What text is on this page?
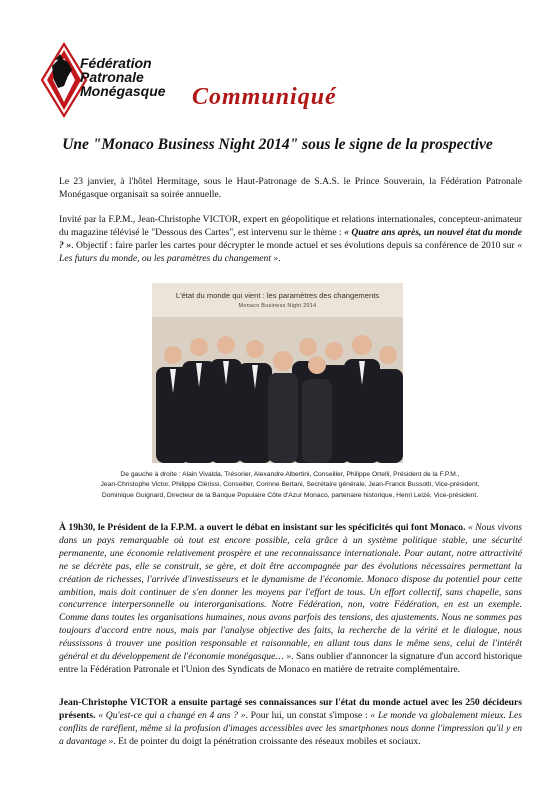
Fédération
Patronale
Monégasque Communiqué
Une "Monaco Business Night 2014" sous le signe de la prospective

Le 23 janvier, à l'hôtel Hermitage, sous le Haut-Patronage de S.A.S. le Prince Souverain, la Fédération Patronale Monégasque organisait sa soirée annuelle.

Invité par la F.P.M., Jean-Christophe VICTOR, expert en géopolitique et relations internationales, concepteur-animateur du magazine télévisé le "Dessous des Cartes", est intervenu sur le thème : « Quatre ans après, un nouvel état du monde ? ». Objectif : faire parler les cartes pour décrypter le monde actuel et ses évolutions depuis sa conférence de 2010 sur « Les futurs du monde, ou les paramètres du changement ».

L'état du monde qui vient : les paramètres des changements
Monaco Business Night 2014
De gauche à droite : Alain Vivalda, Trésorier, Alexandre Albertini, Conseiller, Philippe Ortelli, Président de la F.P.M.,
Jean-Christophe Victor, Philippe Clérissi, Conseiller, Corinne Bertani, Secrétaire générale, Jean-Franck Bussotti, Vice-président,
Dominique Guignard, Directeur de la Banque Populaire Côte d'Azur Monaco, partenaire historique, Henri Leizé, Vice-président.

À 19h30, le Président de la F.P.M. a ouvert le débat en insistant sur les spécificités qui font Monaco. « Nous vivons dans un pays remarquable où tout est encore possible, cela grâce à un système politique stable, une sécurité permanente, une économie relativement prospère et une reconnaissance internationale. Pour autant, notre attractivité ne se décrète pas, elle se construit, se gère, et doit être accompagnée par des évolutions nécessaires permettant la création de richesses, l'arrivée d'investisseurs et le dynamisme de l'économie. Monaco dispose du potentiel pour cette ambition, mais doit continuer de s'en donner les moyens par l'effort de tous. Un effort collectif, sans chapelle, sans concurrence interpersonnelle ou interorganisations. Notre Fédération, non, votre Fédération, en est un exemple. Comme dans toutes les organisations humaines, nous avons parfois des tensions, des ajustements. Nous ne sommes pas toujours d'accord entre nous, mais par l'analyse objective des faits, la recherche de la vérité et le dialogue, nous réussissons à trouver une position responsable et raisonnable, en allant tous dans le même sens, celui de l'intérêt général et du développement de l'économie monégasque… ». Sans oublier d'annoncer la signature d'un accord historique entre la Fédération Patronale et l'Union des Syndicats de Monaco en matière de retraite complémentaire.

Jean-Christophe VICTOR a ensuite partagé ses connaissances sur l'état du monde actuel avec les 250 décideurs présents. « Qu'est-ce qui a changé en 4 ans ? ». Pour lui, un constat s'impose : « Le monde va globalement mieux. Les conflits de raréfient, même si la profusion d'images accessibles avec les smartphones nous donne l'impression qu'il y en a davantage ». Et de pointer du doigt la pénétration croissante des réseaux mobiles et sociaux.
